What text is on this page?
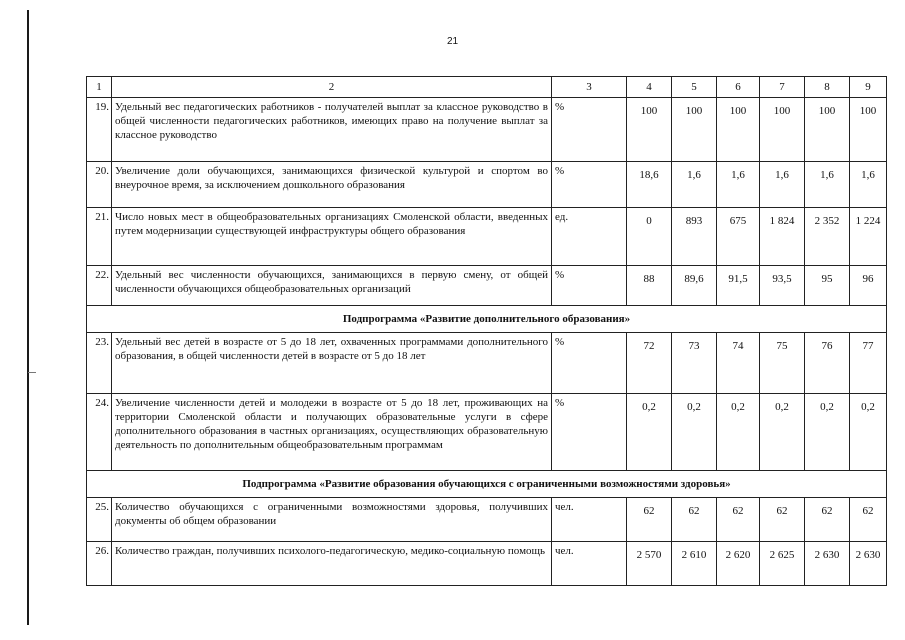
21
1	2	3	4	5	6	7	8	9
19.	Удельный вес педагогических работников - получателей выплат за классное руководство в общей численности педагогических работников, имеющих право на получение выплат за классное руководство	%	100	100	100	100	100	100
20.	Увеличение доли обучающихся, занимающихся физической культурой и спортом во внеурочное время, за исключением дошкольного образования	%	18,6	1,6	1,6	1,6	1,6	1,6
21.	Число новых мест в общеобразовательных организациях Смоленской области, введенных путем модернизации существующей инфраструктуры общего образования	ед.	0	893	675	1 824	2 352	1 224
22.	Удельный вес численности обучающихся, занимающихся в первую смену, от общей численности обучающихся общеобразовательных организаций	%	88	89,6	91,5	93,5	95	96
Подпрограмма «Развитие дополнительного образования»								
23.	Удельный вес детей в возрасте от 5 до 18 лет, охваченных программами дополнительного образования, в общей численности детей в возрасте от 5 до 18 лет	%	72	73	74	75	76	77
24.	Увеличение численности детей и молодежи в возрасте от 5 до 18 лет, проживающих на территории Смоленской области и получающих образовательные услуги в сфере дополнительного образования в частных организациях, осуществляющих образовательную деятельность по дополнительным общеобразовательным программам	%	0,2	0,2	0,2	0,2	0,2	0,2
Подпрограмма «Развитие образования обучающихся с ограниченными возможностями здоровья»								
25.	Количество обучающихся с ограниченными возможностями здоровья, получивших документы об общем образовании	чел.	62	62	62	62	62	62
26.	Количество граждан, получивших психолого-педагогическую, медико-социальную помощь	чел.	2 570	2 610	2 620	2 625	2 630	2 630
